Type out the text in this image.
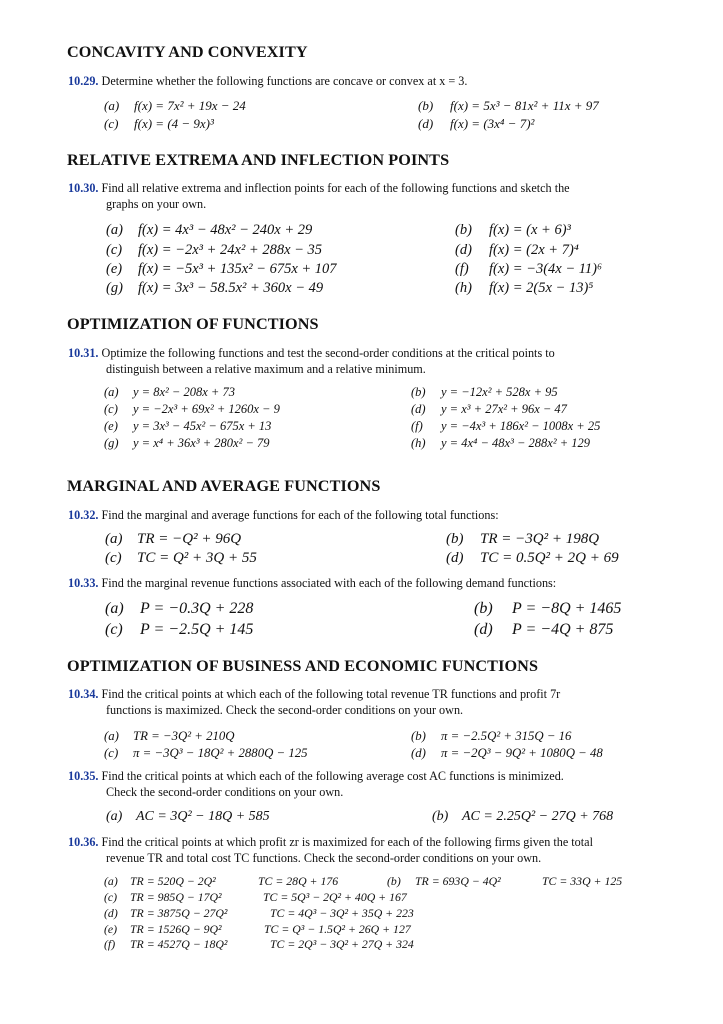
CONCAVITY AND CONVEXITY
10.29. Determine whether the following functions are concave or convex at x = 3.
(a) f(x) = 7x² + 19x − 24	(b) f(x) = 5x³ − 81x² + 11x + 97
(c) f(x) = (4 − 9x)³	(d) f(x) = (3x⁴ − 7)²
RELATIVE EXTREMA AND INFLECTION POINTS
10.30. Find all relative extrema and inflection points for each of the following functions and sketch the
graphs on your own.
(a) f(x) = 4x³ − 48x² − 240x + 29	(b) f(x) = (x + 6)³
(c) f(x) = −2x³ + 24x² + 288x − 35	(d) f(x) = (2x + 7)⁴
(e) f(x) = −5x³ + 135x² − 675x + 107	(f) f(x) = −3(4x − 11)⁶
(g) f(x) = 3x³ − 58.5x² + 360x − 49	(h) f(x) = 2(5x − 13)⁵
OPTIMIZATION OF FUNCTIONS
10.31. Optimize the following functions and test the second-order conditions at the critical points to
distinguish between a relative maximum and a relative minimum.
(a) y = 8x² − 208x + 73	(b) y = −12x² + 528x + 95
(c) y = −2x³ + 69x² + 1260x − 9	(d) y = x³ + 27x² + 96x − 47
(e) y = 3x³ − 45x² − 675x + 13	(f) y = −4x³ + 186x² − 1008x + 25
(g) y = x⁴ + 36x³ + 280x² − 79	(h) y = 4x⁴ − 48x³ − 288x² + 129
MARGINAL AND AVERAGE FUNCTIONS
10.32. Find the marginal and average functions for each of the following total functions:
(a) TR = −Q² + 96Q	(b) TR = −3Q² + 198Q
(c) TC = Q² + 3Q + 55	(d) TC = 0.5Q² + 2Q + 69
10.33. Find the marginal revenue functions associated with each of the following demand functions:
(a) P = −0.3Q + 228	(b) P = −8Q + 1465
(c) P = −2.5Q + 145	(d) P = −4Q + 875
OPTIMIZATION OF BUSINESS AND ECONOMIC FUNCTIONS
10.34. Find the critical points at which each of the following total revenue TR functions and profit 7r
functions is maximized. Check the second-order conditions on your own.
(a) TR = −3Q² + 210Q	(b) π = −2.5Q² + 315Q − 16
(c) π = −3Q³ − 18Q² + 2880Q − 125	(d) π = −2Q³ − 9Q² + 1080Q − 48
10.35. Find the critical points at which each of the following average cost AC functions is minimized.
Check the second-order conditions on your own.
(a) AC = 3Q² − 18Q + 585	(b) AC = 2.25Q² − 27Q + 768
10.36. Find the critical points at which profit zr is maximized for each of the following firms given the total
revenue TR and total cost TC functions. Check the second-order conditions on your own.
(a) TR = 520Q − 2Q²	TC = 28Q + 176	(b) TR = 693Q − 4Q²	TC = 33Q + 125
(c) TR = 985Q − 17Q²	TC = 5Q³ − 2Q² + 40Q + 167
(d) TR = 3875Q − 27Q²	TC = 4Q³ − 3Q² + 35Q + 223
(e) TR = 1526Q − 9Q²	TC = Q³ − 1.5Q² + 26Q + 127
(f) TR = 4527Q − 18Q²	TC = 2Q³ − 3Q² + 27Q + 324
